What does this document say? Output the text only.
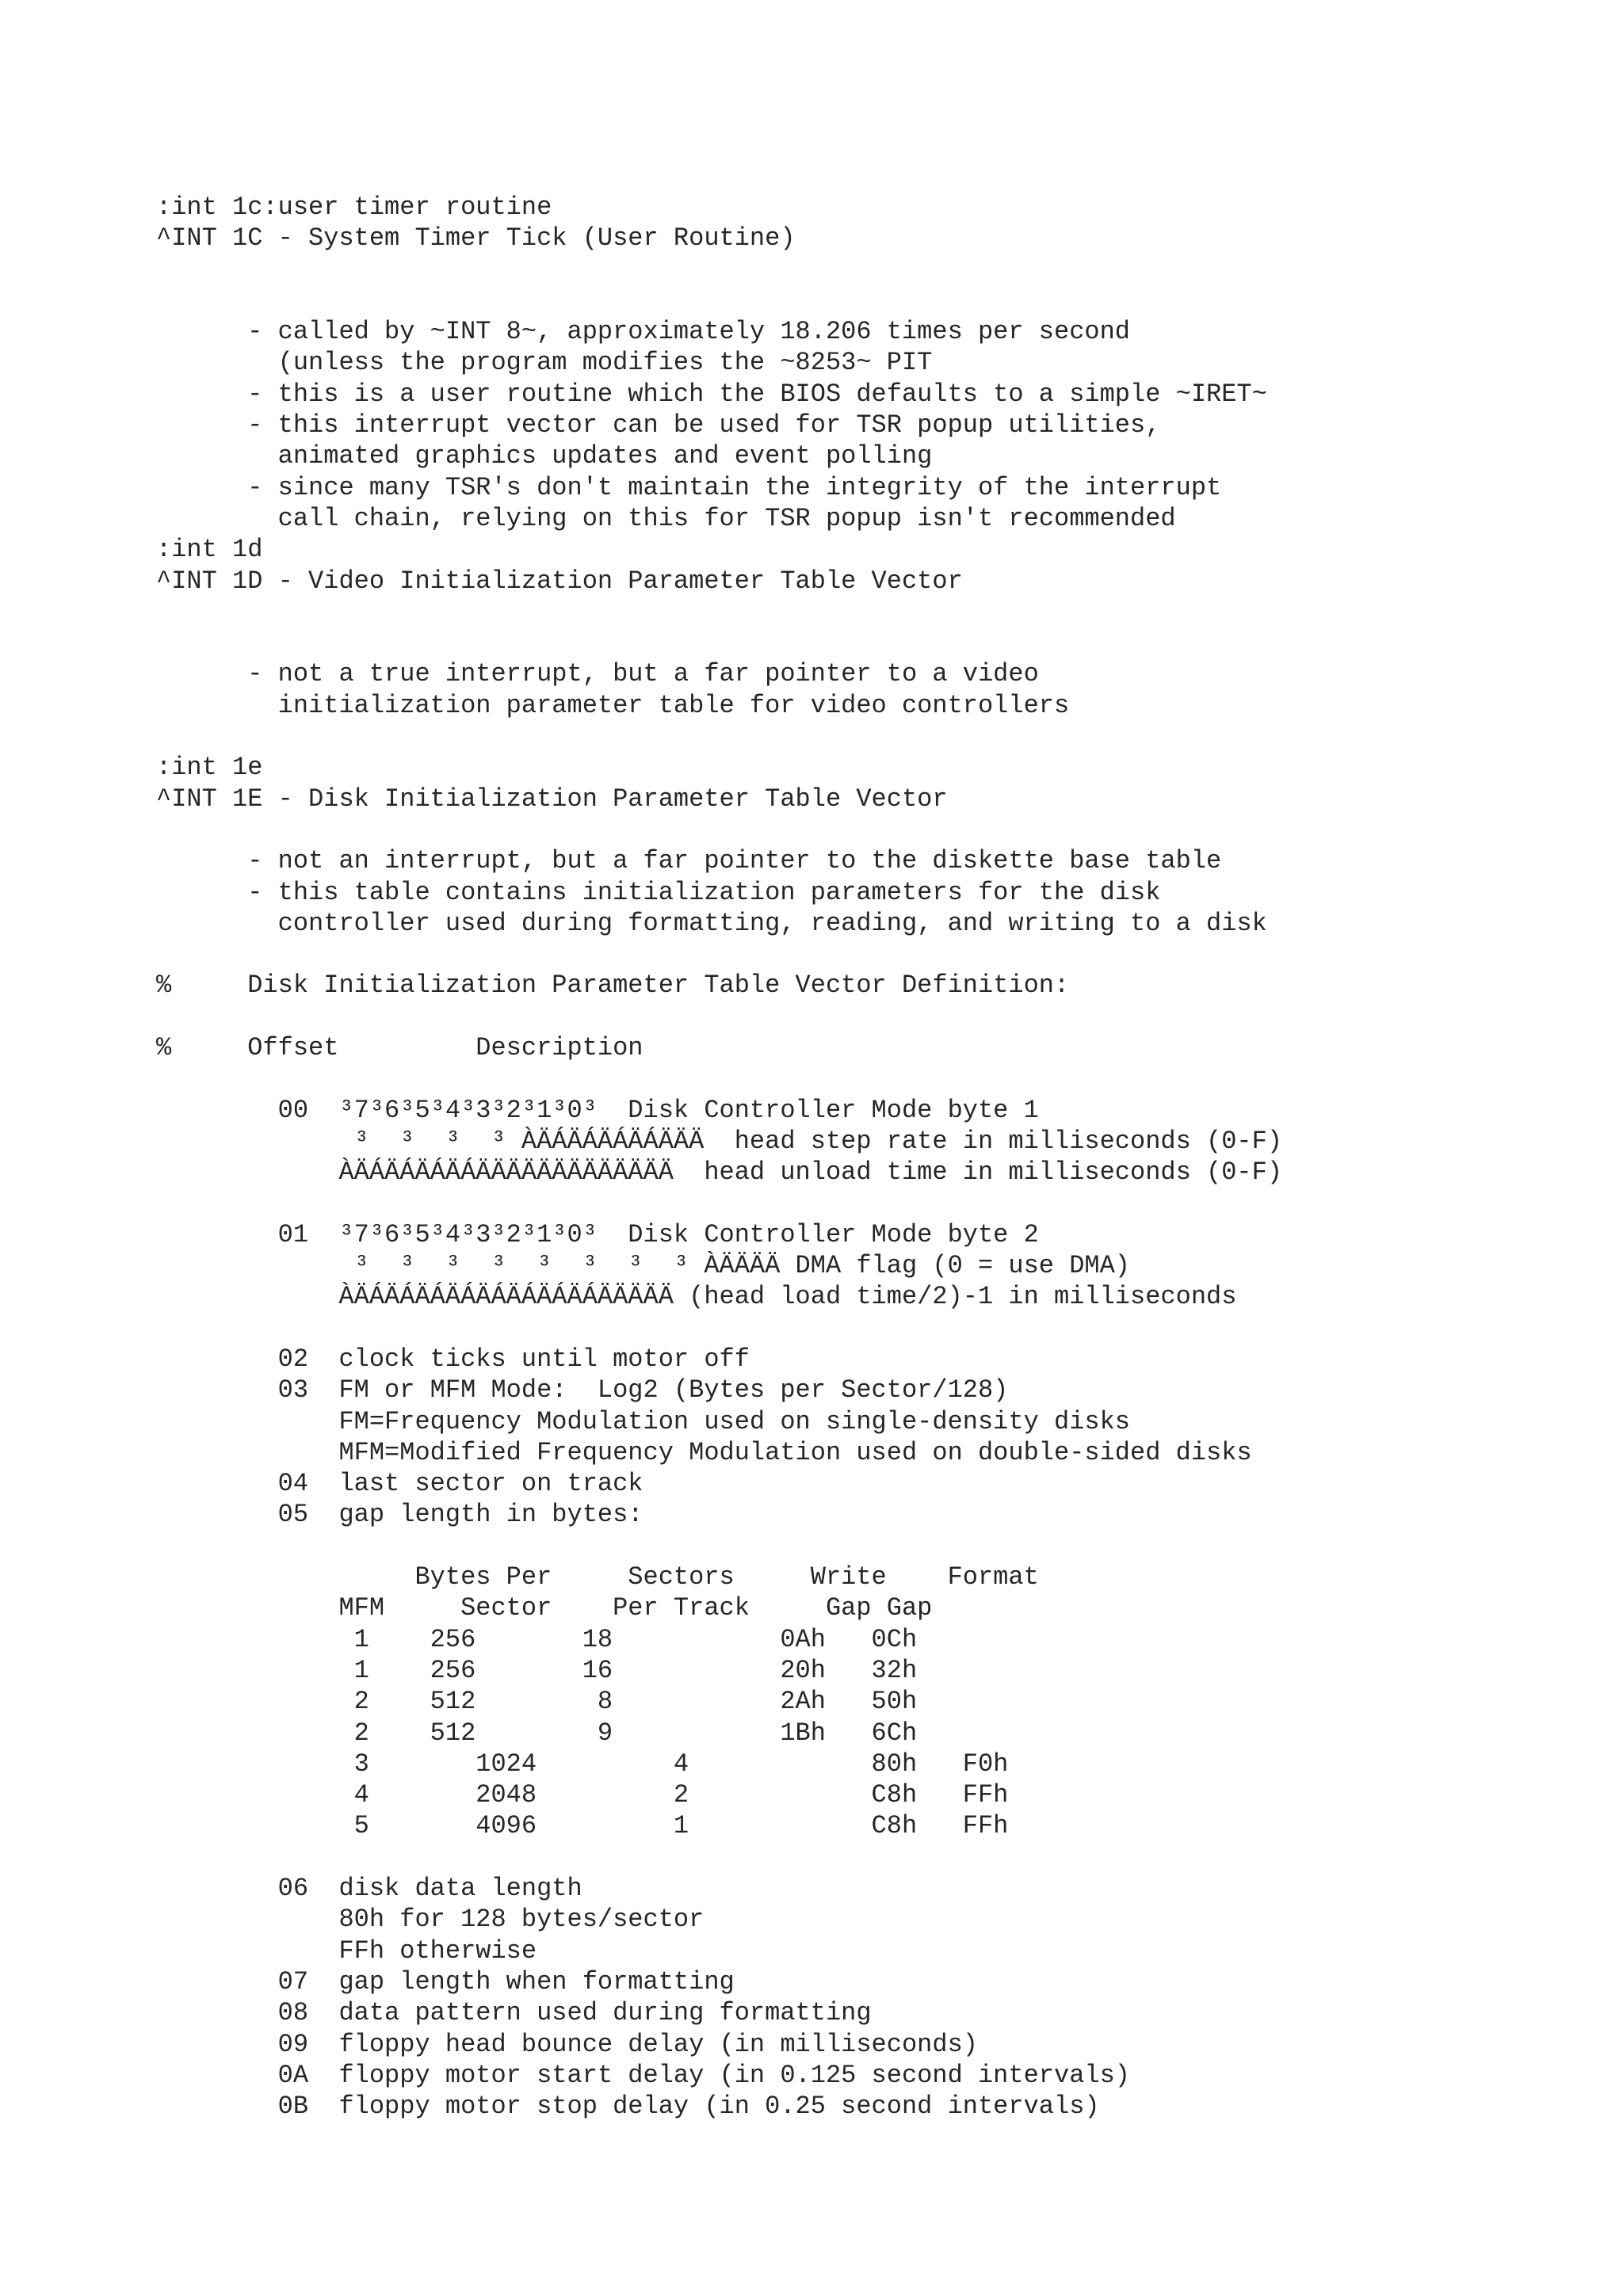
:int 1c:user timer routine
^INT 1C - System Timer Tick (User Routine)
- called by ~INT 8~, approximately 18.206 times per second
(unless the program modifies the ~8253~ PIT
- this is a user routine which the BIOS defaults to a simple ~IRET~
- this interrupt vector can be used for TSR popup utilities,
animated graphics updates and event polling
- since many TSR's don't maintain the integrity of the interrupt
call chain, relying on this for TSR popup isn't recommended
:int 1d
^INT 1D - Video Initialization Parameter Table Vector
- not a true interrupt, but a far pointer to a video
initialization parameter table for video controllers
:int 1e
^INT 1E - Disk Initialization Parameter Table Vector
- not an interrupt, but a far pointer to the diskette base table
- this table contains initialization parameters for the disk
controller used during formatting, reading, and writing to a disk
%     Disk Initialization Parameter Table Vector Definition:
%     Offset         Description
00  ³7³6³5³4³3³2³1³0³  Disk Controller Mode byte 1
³  ³  ³  ³ ÀÄÁÄÁÄÁÄÁÄÄÄ  head step rate in milliseconds (0-F)
ÀÄÁÄÁÄÁÄÁÄÄÄÄÄÄÄÄÄÄÄÄÄ  head unload time in milliseconds (0-F)
01  ³7³6³5³4³3³2³1³0³  Disk Controller Mode byte 2
³  ³  ³  ³  ³  ³  ³  ³ ÀÄÄÄÄ DMA flag (0 = use DMA)
ÀÄÁÄÁÄÁÄÁÄÁÄÁÄÁÄÁÄÄÄÄÄ (head load time/2)-1 in milliseconds
02  clock ticks until motor off
03  FM or MFM Mode:  Log2 (Bytes per Sector/128)
FM=Frequency Modulation used on single-density disks
MFM=Modified Frequency Modulation used on double-sided disks
04  last sector on track
05  gap length in bytes:
Bytes Per     Sectors     Write    Format
MFM     Sector    Per Track     Gap Gap
1    256       18           0Ah   0Ch
1    256       16           20h   32h
2    512        8           2Ah   50h
2    512        9           1Bh   6Ch
3       1024         4            80h   F0h
4       2048         2            C8h   FFh
5       4096         1            C8h   FFh
06  disk data length
80h for 128 bytes/sector
FFh otherwise
07  gap length when formatting
08  data pattern used during formatting
09  floppy head bounce delay (in milliseconds)
0A  floppy motor start delay (in 0.125 second intervals)
0B  floppy motor stop delay (in 0.25 second intervals)
